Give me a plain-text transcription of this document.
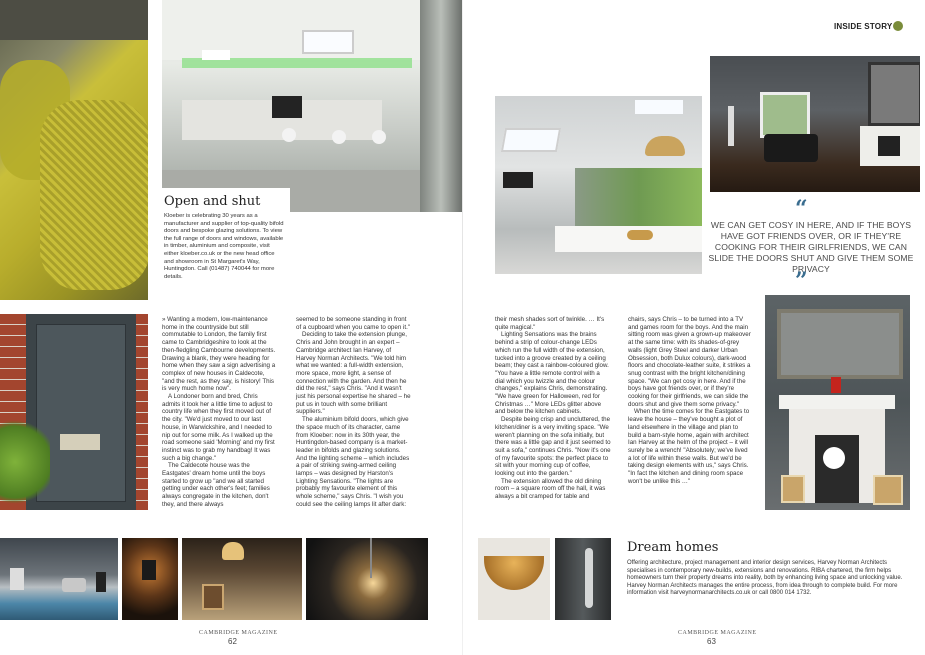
Open and shut
Kloeber is celebrating 30 years as a manufacturer and supplier of top-quality bifold doors and bespoke glazing solutions. To view the full range of doors and windows, available in timber, aluminium and composite, visit either kloeber.co.uk or the new head office and showroom in St Margaret's Way, Huntingdon. Call (01487) 740044 for more details.

» Wanting a modern, low-maintenance home in the countryside but still commutable to London, the family first came to Cambridgeshire to look at the then-fledgling Cambourne developments. Drawing a blank, they were heading for home when they saw a sign advertising a complex of new houses in Caldecote, "and the rest, as they say, is history! This is very much home now".

A Londoner born and bred, Chris admits it took her a little time to adjust to country life when they first moved out of the city. "We'd just moved to our last house, in Warwickshire, and I needed to nip out for some milk. As I walked up the road someone said 'Morning' and my first instinct was to grab my handbag! It was such a big change."

The Caldecote house was the Eastgates' dream home until the boys started to grow up "and we all started getting under each other's feet; families always congregate in the kitchen, don't they, and there always

seemed to be someone standing in front of a cupboard when you came to open it."

Deciding to take the extension plunge, Chris and John brought in an expert – Cambridge architect Ian Harvey, of Harvey Norman Architects. "We told him what we wanted: a full-width extension, more space, more light, a sense of connection with the garden. And then he did the rest," says Chris. "And it wasn't just his personal expertise he shared – he put us in touch with some brilliant suppliers."

The aluminium bifold doors, which give the space much of its character, came from Kloeber: now in its 30th year, the Huntingdon-based company is a market-leader in bifolds and glazing solutions. And the lighting scheme – which includes a pair of striking swing-armed ceiling lamps – was designed by Harston's Lighting Sensations. "The lights are probably my favourite element of this whole scheme," says Chris. "I wish you could see the ceiling lamps lit after dark:

their mesh shades sort of twinkle. … It's quite magical."

Lighting Sensations was the brains behind a strip of colour-change LEDs which run the full width of the extension, tucked into a groove created by a ceiling beam; they cast a rainbow-coloured glow. "You have a little remote control with a dial which you twizzle and the colour changes," explains Chris, demonstrating. "We have green for Halloween, red for Christmas …" More LEDs glitter above and below the kitchen cabinets.

Despite being crisp and uncluttered, the kitchen/diner is a very inviting space. "We weren't planning on the sofa initially, but there was a little gap and it just seemed to suit a sofa," continues Chris. "Now it's one of my favourite spots: the perfect place to sit with your morning cup of coffee, looking out into the garden."

The extension allowed the old dining room – a square room off the hall, it was always a bit cramped for table and

chairs, says Chris – to be turned into a TV and games room for the boys. And the main sitting room was given a grown-up makeover at the same time: with its shades-of-grey walls (light Grey Steel and darker Urban Obsession, both Dulux colours), dark-wood floors and chocolate-leather suite, it strikes a snug contrast with the bright kitchen/dining space. "We can get cosy in here. And if the boys have got friends over, or if they're cooking for their girlfriends, we can slide the doors shut and give them some privacy."

When the time comes for the Eastgates to leave the house – they've bought a plot of land elsewhere in the village and plan to build a barn-style home, again with architect Ian Harvey at the helm of the project – it will surely be a wrench! "Absolutely; we've lived a lot of life within these walls. But we'd be taking design elements with us," says Chris. "In fact the kitchen and dining room space won't be unlike this …"

INSIDE STORY
“
WE CAN GET COSY IN HERE, AND IF THE BOYS HAVE GOT FRIENDS OVER, OR IF THEY'RE COOKING FOR THEIR GIRLFRIENDS, WE CAN SLIDE THE DOORS SHUT AND GIVE THEM SOME PRIVACY
”
Dream homes
Offering architecture, project management and interior design services, Harvey Norman Architects specialises in contemporary new-builds, extensions and renovations. RIBA chartered, the firm helps homeowners turn their property dreams into reality, both by enhancing living space and unlocking value. Harvey Norman Architects manages the entire process, from idea through to complete build. For more information visit harveynormanarchitects.co.uk or call 0800 014 1732.
CAMBRIDGE MAGAZINE
62
CAMBRIDGE MAGAZINE
63
